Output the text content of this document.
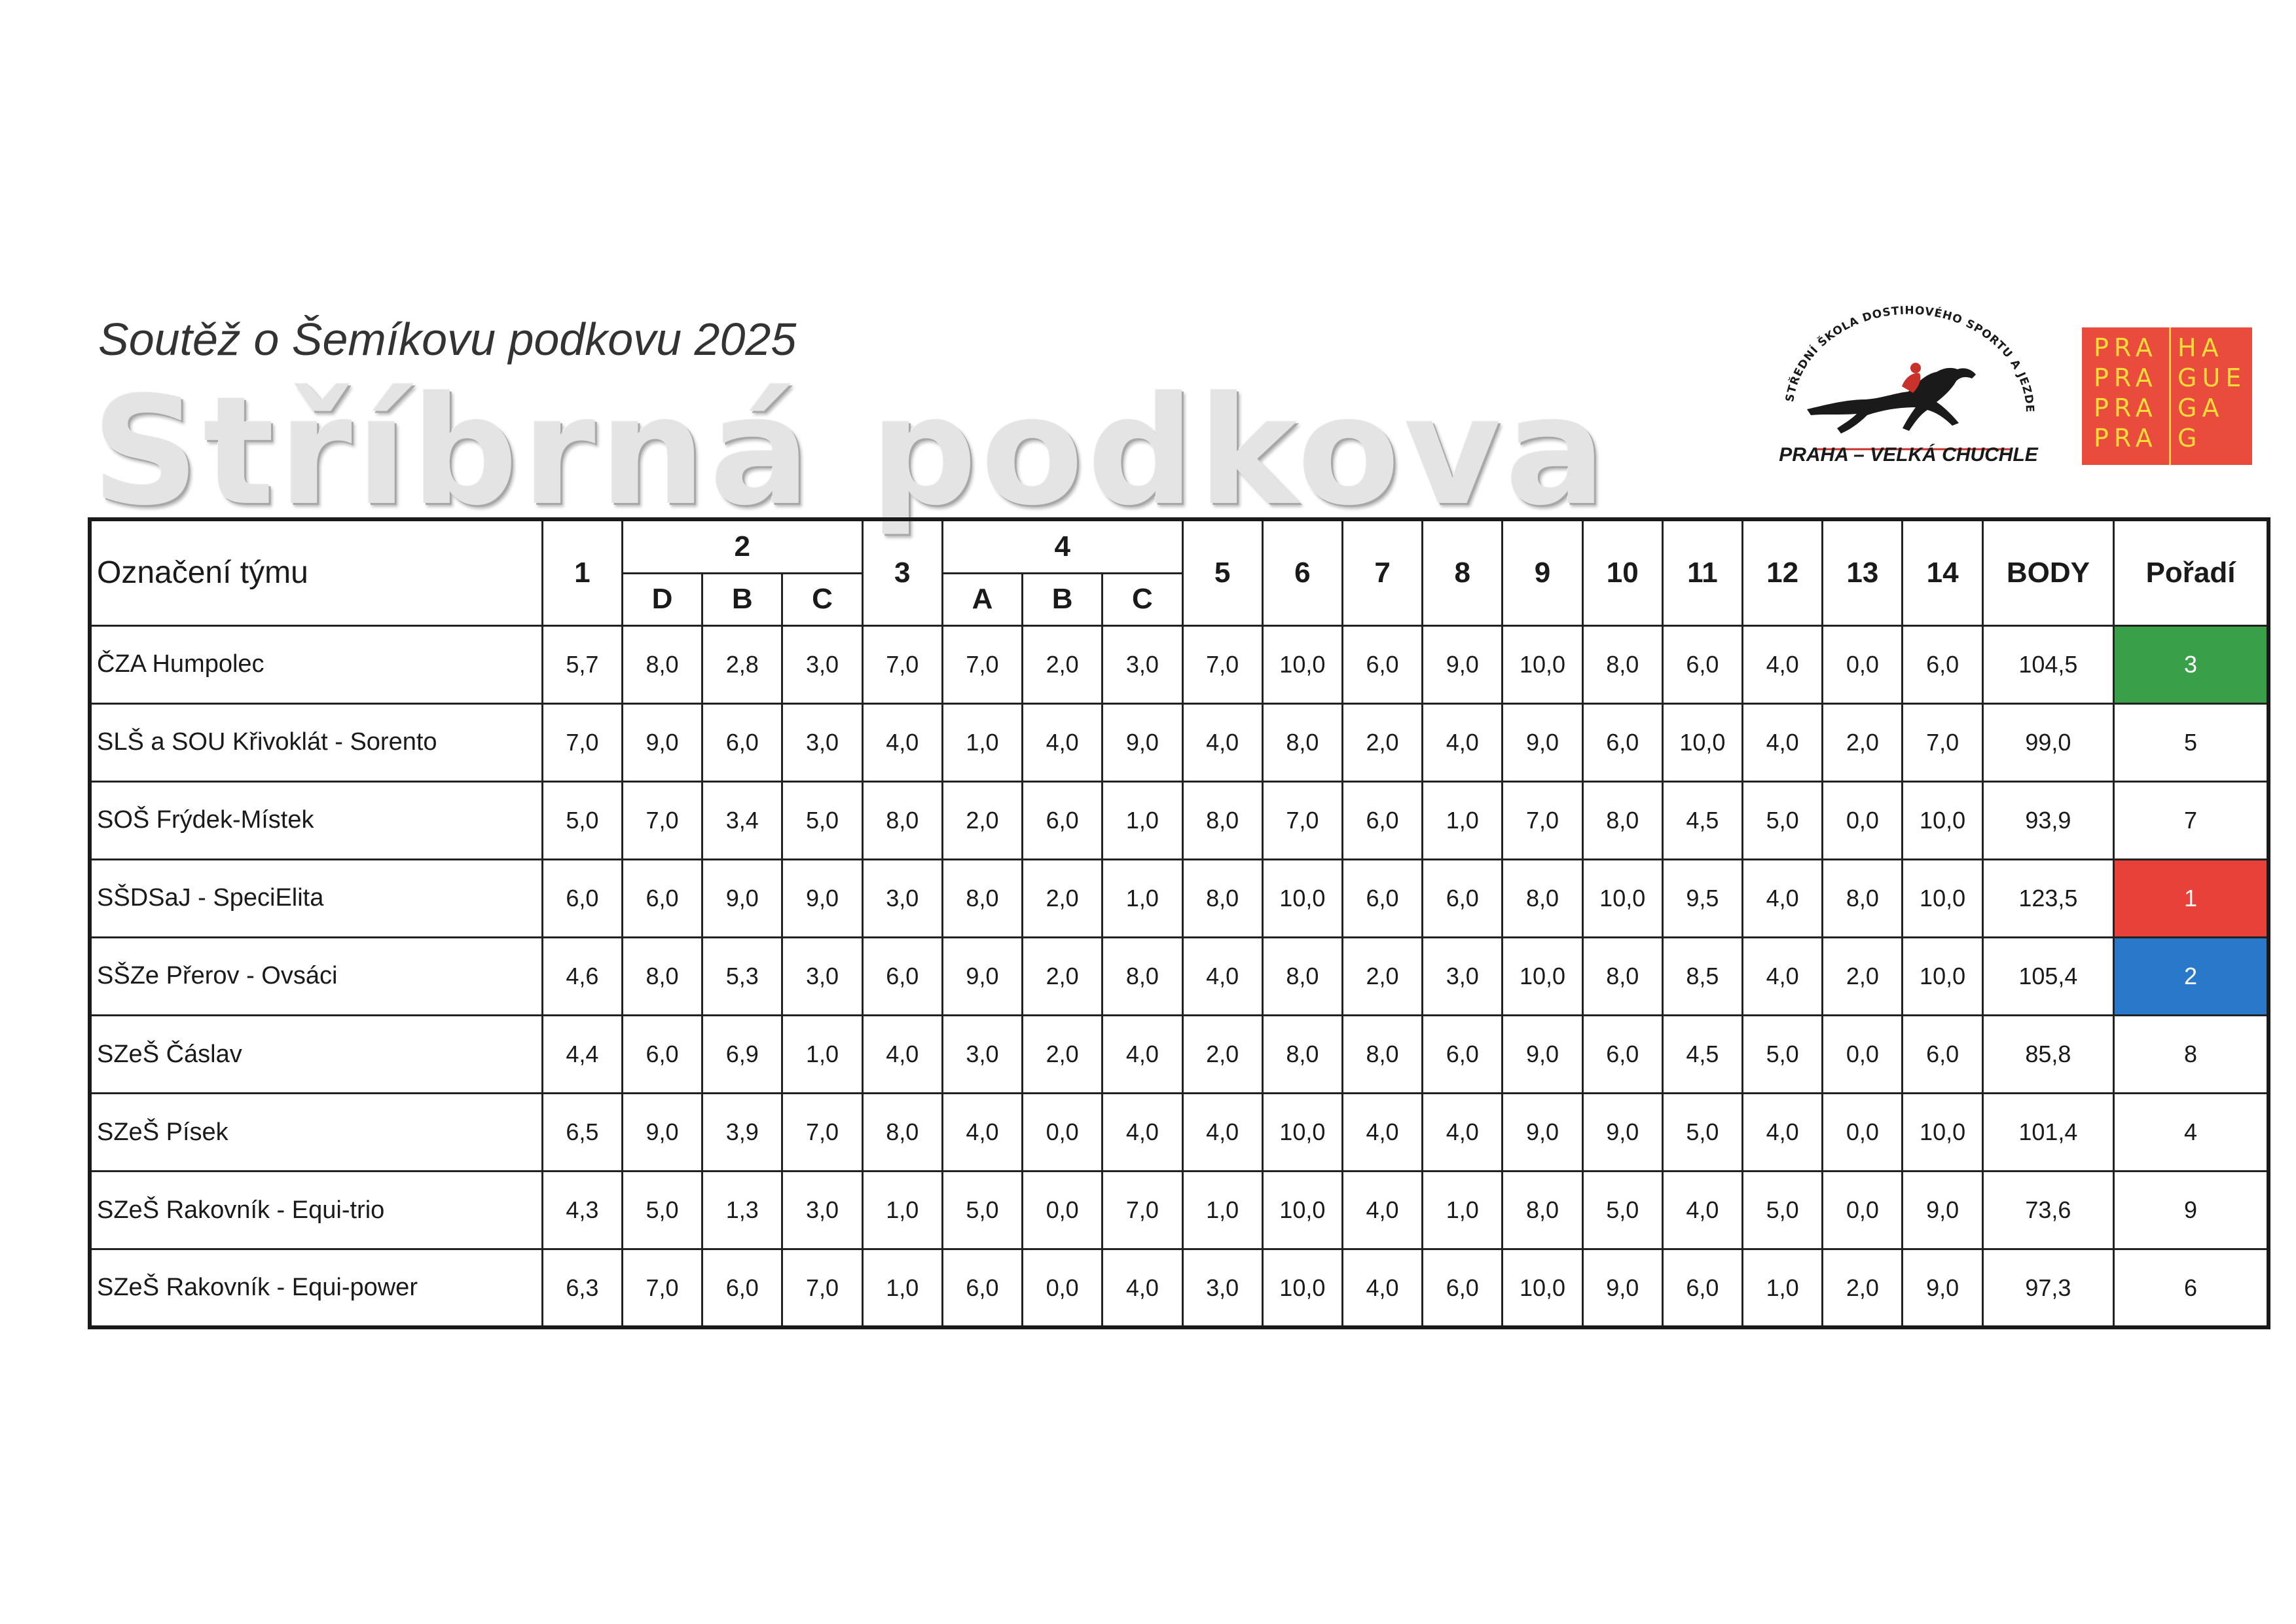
Soutěž o Šemíkovu podkovu 2025
Stříbrná podkova	STŘEDNÍ ŠKOLA DOSTIHOVÉHO SPORTU A JEZDE
PRAHA – VELKÁ CHUCHLE
PRA
PRA
PRA
PRA
HA
GUE
GA
G
Označení týmu	1	2			3	4			5	6	7	8	9	10	11	12	13	14	BODY	Pořadí
		D	B	C		A	B	C												
ČZA Humpolec	5,7	8,0	2,8	3,0	7,0	7,0	2,0	3,0	7,0	10,0	6,0	9,0	10,0	8,0	6,0	4,0	0,0	6,0	104,5	3
SLŠ a SOU Křivoklát - Sorento	7,0	9,0	6,0	3,0	4,0	1,0	4,0	9,0	4,0	8,0	2,0	4,0	9,0	6,0	10,0	4,0	2,0	7,0	99,0	5
SOŠ Frýdek-Místek	5,0	7,0	3,4	5,0	8,0	2,0	6,0	1,0	8,0	7,0	6,0	1,0	7,0	8,0	4,5	5,0	0,0	10,0	93,9	7
SŠDSaJ - SpeciElita	6,0	6,0	9,0	9,0	3,0	8,0	2,0	1,0	8,0	10,0	6,0	6,0	8,0	10,0	9,5	4,0	8,0	10,0	123,5	1
SŠZe Přerov - Ovsáci	4,6	8,0	5,3	3,0	6,0	9,0	2,0	8,0	4,0	8,0	2,0	3,0	10,0	8,0	8,5	4,0	2,0	10,0	105,4	2
SZeŠ Čáslav	4,4	6,0	6,9	1,0	4,0	3,0	2,0	4,0	2,0	8,0	8,0	6,0	9,0	6,0	4,5	5,0	0,0	6,0	85,8	8
SZeŠ Písek	6,5	9,0	3,9	7,0	8,0	4,0	0,0	4,0	4,0	10,0	4,0	4,0	9,0	9,0	5,0	4,0	0,0	10,0	101,4	4
SZeŠ Rakovník - Equi-trio	4,3	5,0	1,3	3,0	1,0	5,0	0,0	7,0	1,0	10,0	4,0	1,0	8,0	5,0	4,0	5,0	0,0	9,0	73,6	9
SZeŠ Rakovník - Equi-power	6,3	7,0	6,0	7,0	1,0	6,0	0,0	4,0	3,0	10,0	4,0	6,0	10,0	9,0	6,0	1,0	2,0	9,0	97,3	6
